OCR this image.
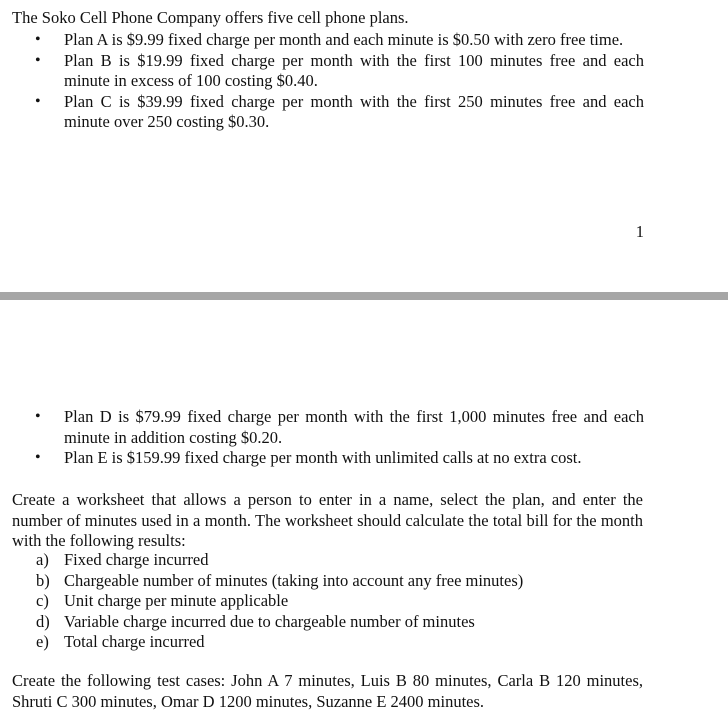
The Soko Cell Phone Company offers five cell phone plans.
• Plan A is $9.99 fixed charge per month and each minute is $0.50 with zero free time.
• Plan B is $19.99 fixed charge per month with the first 100 minutes free and each minute in excess of 100 costing $0.40.
• Plan C is $39.99 fixed charge per month with the first 250 minutes free and each minute over 250 costing $0.30.
1
• Plan D is $79.99 fixed charge per month with the first 1,000 minutes free and each minute in addition costing $0.20.
• Plan E is $159.99 fixed charge per month with unlimited calls at no extra cost.
Create a worksheet that allows a person to enter in a name, select the plan, and enter the number of minutes used in a month. The worksheet should calculate the total bill for the month with the following results:
a) Fixed charge incurred
b) Chargeable number of minutes (taking into account any free minutes)
c) Unit charge per minute applicable
d) Variable charge incurred due to chargeable number of minutes
e) Total charge incurred
Create the following test cases: John A 7 minutes, Luis B 80 minutes, Carla B 120 minutes, Shruti C 300 minutes, Omar D 1200 minutes, Suzanne E 2400 minutes.
